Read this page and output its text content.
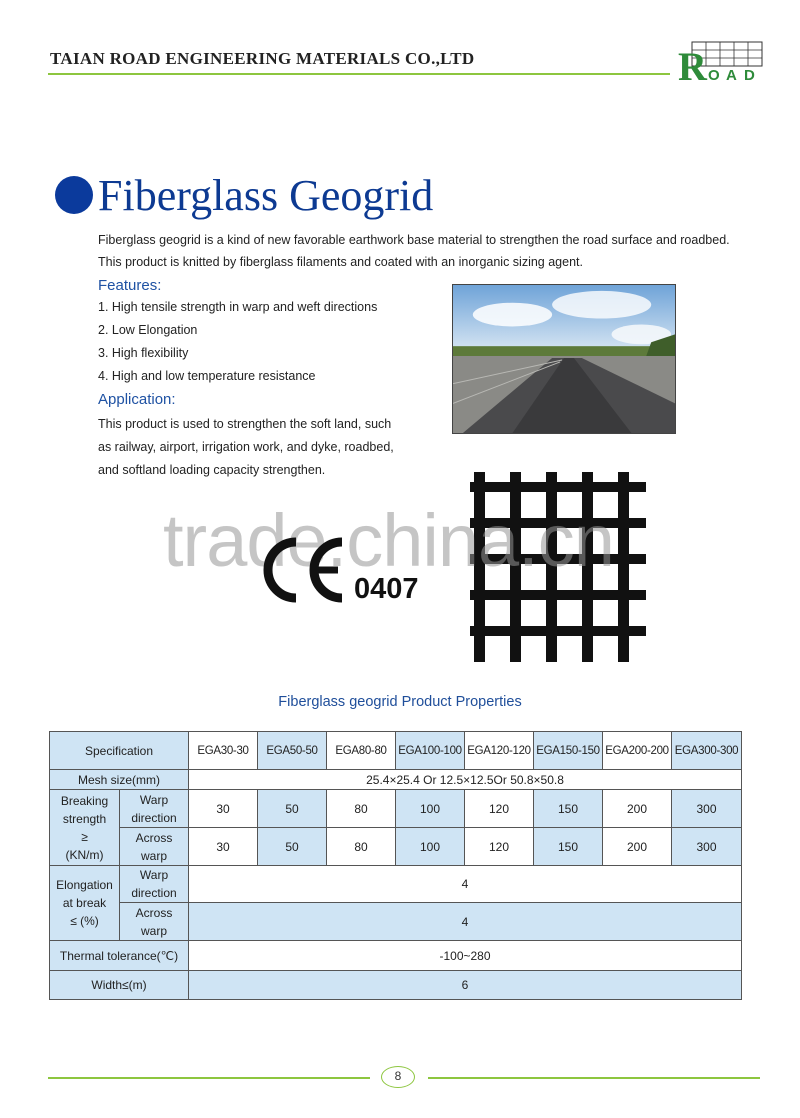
TAIAN ROAD ENGINEERING MATERIALS CO.,LTD	R O A D
Fiberglass Geogrid
Fiberglass geogrid is a kind of new favorable earthwork base material to strengthen the road surface and roadbed.
This product is knitted by fiberglass filaments and coated with an inorganic sizing agent.
Features:
1. High tensile strength in warp and weft directions
2. Low Elongation
3. High flexibility
4. High and low temperature resistance
Application:
This product is used to strengthen the soft land, such
as railway, airport, irrigation work, and dyke, roadbed,
and softland loading capacity strengthen.
trade.china.cn
0407
Fiberglass geogrid Product Properties
Specification		EGA30-30	EGA50-50	EGA80-80	EGA100-100	EGA120-120	EGA150-150	EGA200-200	EGA300-300
Mesh size(mm)		25.4×25.4 Or 12.5×12.5Or 50.8×50.8							
Breaking
strength
≥
(KN/m)	Warp
direction	30	50	80	100	120	150	200	300
	Across
warp	30	50	80	100	120	150	200	300
Elongation
at break
≤ (%)	Warp
direction	4							
	Across
warp	4							
Thermal tolerance(℃)		-100~280							
Width≤(m)		6							
8
